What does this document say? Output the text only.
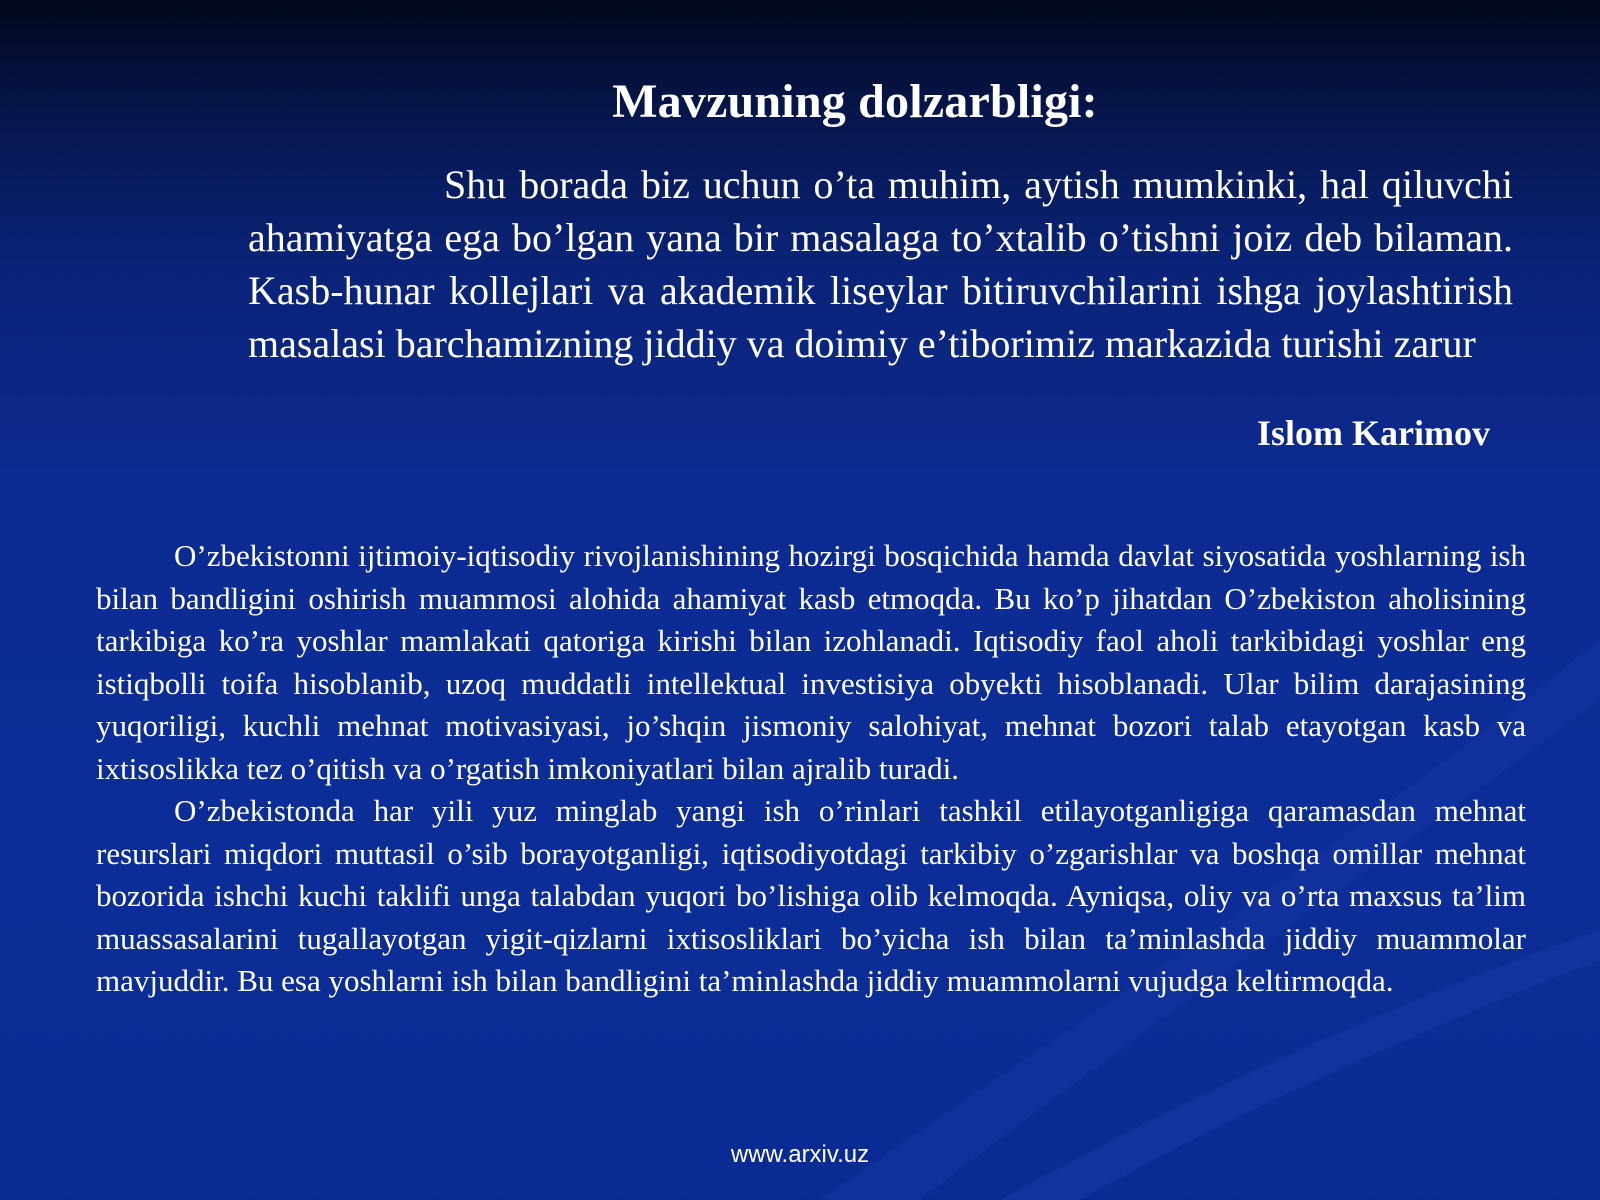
Mavzuning dolzarbligi:

Shu borada biz uchun o’ta muhim, aytish mumkinki, hal qiluvchi ahamiyatga ega bo’lgan yana bir masalaga to’xtalib o’tishni joiz deb bilaman. Kasb-hunar kollejlari va akademik liseylar bitiruvchilarini ishga joylashtirish masalasi barchamizning jiddiy va doimiy e’tiborimiz markazida turishi zarur

Islom Karimov

O’zbekistonni ijtimoiy-iqtisodiy rivojlanishining hozirgi bosqichida hamda davlat siyosatida yoshlarning ish bilan bandligini oshirish muammosi alohida ahamiyat kasb etmoqda. Bu ko’p jihatdan O’zbekiston aholisining tarkibiga ko’ra yoshlar mamlakati qatoriga kirishi bilan izohlanadi. Iqtisodiy faol aholi tarkibidagi yoshlar eng istiqbolli toifa hisoblanib, uzoq muddatli intellektual investisiya obyekti hisoblanadi. Ular bilim darajasining yuqoriligi, kuchli mehnat motivasiyasi, jo’shqin jismoniy salohiyat, mehnat bozori talab etayotgan kasb va ixtisoslikka tez o’qitish va o’rgatish imkoniyatlari bilan ajralib turadi.

O’zbekistonda har yili yuz minglab yangi ish o’rinlari tashkil etilayotganligiga qaramasdan mehnat resurslari miqdori muttasil o’sib borayotganligi, iqtisodiyotdagi tarkibiy o’zgarishlar va boshqa omillar mehnat bozorida ishchi kuchi taklifi unga talabdan yuqori bo’lishiga olib kelmoqda. Ayniqsa, oliy va o’rta maxsus ta’lim muassasalarini tugallayotgan yigit-qizlarni ixtisosliklari bo’yicha ish bilan ta’minlashda jiddiy muammolar mavjuddir. Bu esa yoshlarni ish bilan bandligini ta’minlashda jiddiy muammolarni vujudga keltirmoqda.

www.arxiv.uz
